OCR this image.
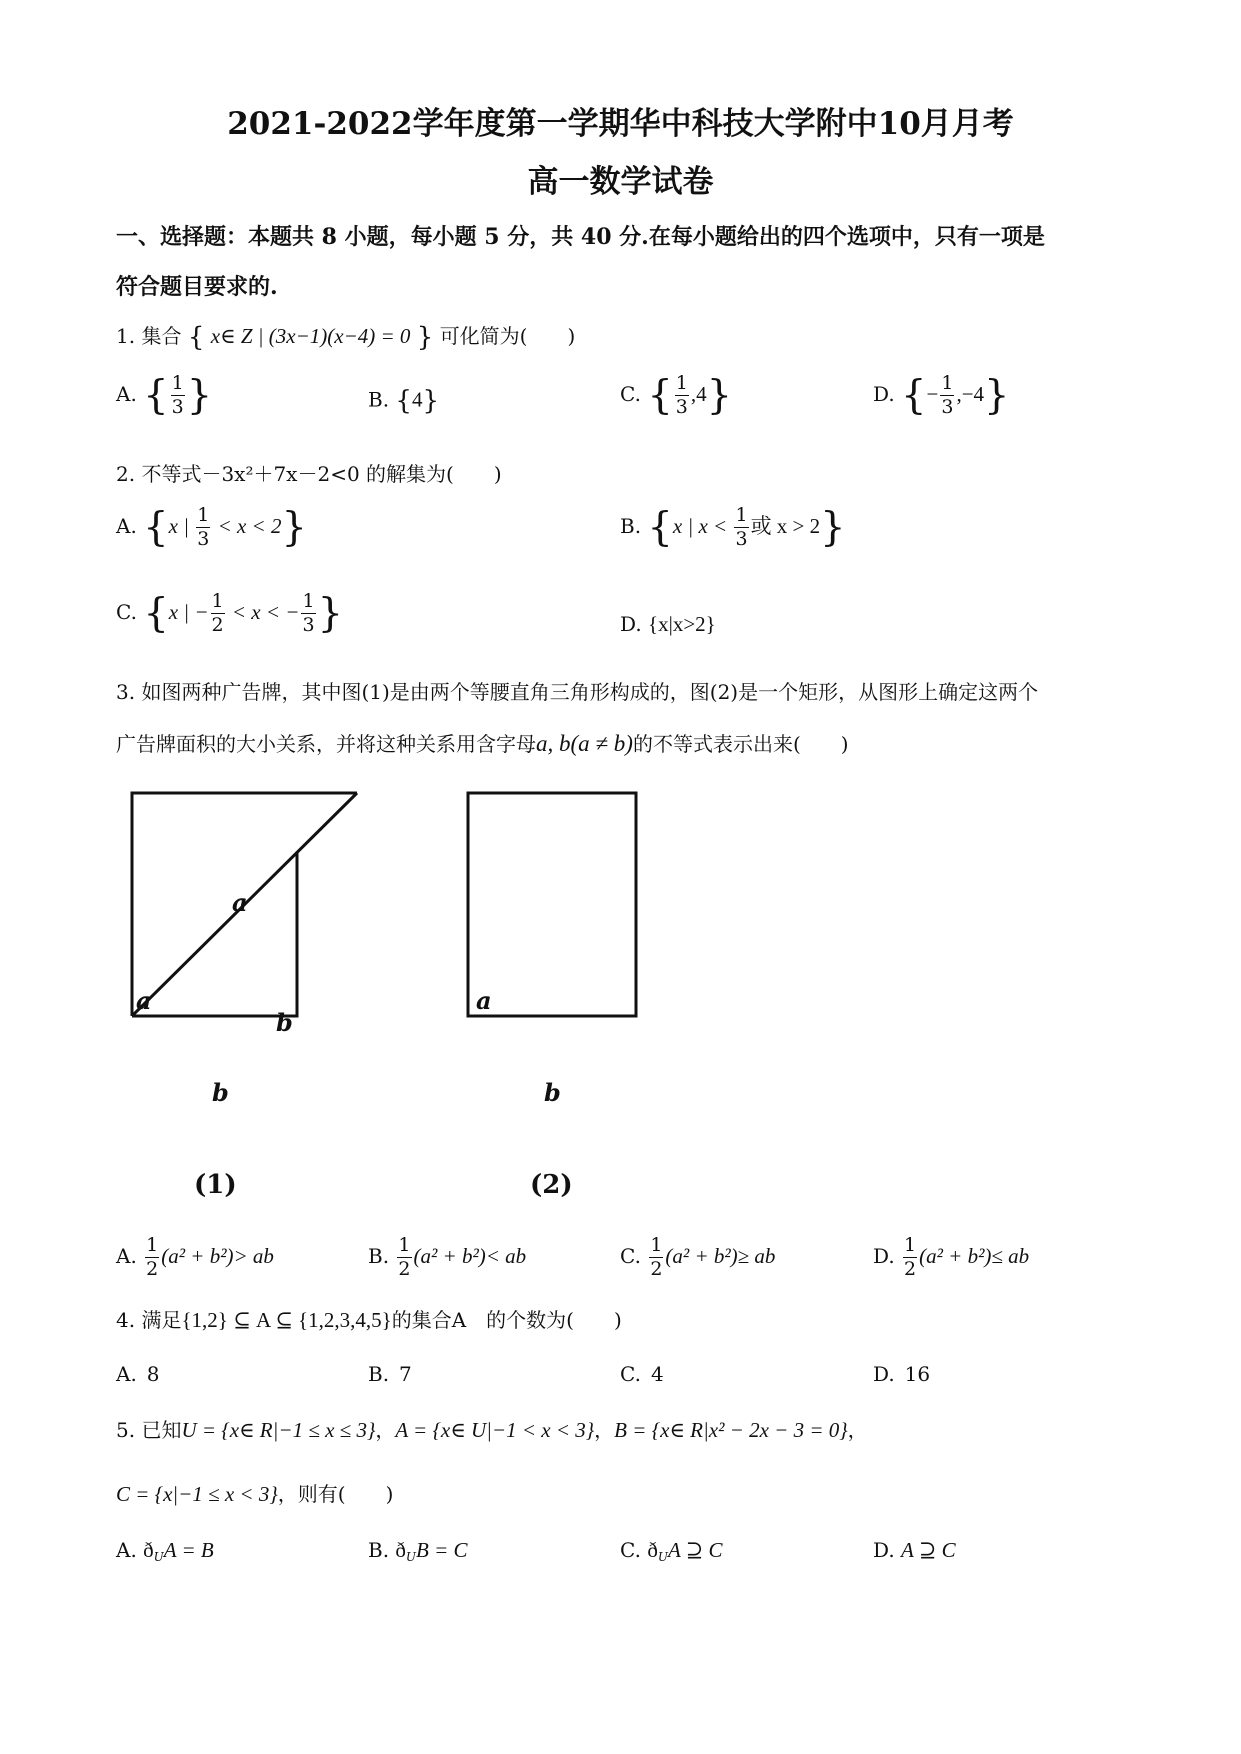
2021-2022学年度第一学期华中科技大学附中10月月考
高一数学试卷
一、选择题：本题共 8 小题，每小题 5 分，共 40 分.在每小题给出的四个选项中，只有一项是
符合题目要求的.
1. 集合 { x∈ Z | (3x−1)(x−4) = 0 } 可化简为(　　)
A. { $\frac{1}{3}$ }	B. {4}	C. { $\frac{1}{3} ,4$}	D. {− $\frac{1}{3} ,-4$}
2. 不等式－3x²＋7x－2<0 的解集为(　　)
A. {x | $\frac{1}{3} < x < 2$}	B. {x | $x < \frac{1}{3}$ 或 x > 2}
C. {x | − $\frac{1}{2} < x$ < − $\frac{1}{3}$ }	D. {x|x>2}
3. 如图两种广告牌，其中图(1)是由两个等腰直角三角形构成的，图(2)是一个矩形，从图形上确定这两个
广告牌面积的大小关系，并将这种关系用含字母a, b(a ≠ b)的不等式表示出来(　　)
a
a
b
b
a
b
(1)	(2)
A. $\frac{1}{2} (a^2 + b^2)>$ ab	B. $\frac{1}{2} (a^2 + b^2)<$ ab	C. $\frac{1}{2} (a^2 + b^2)\ge$ ab	D. $\frac{1}{2} (a^2 + b^2)\le$ ab
4. 满足{1,2} ⊆ A ⊆ {1,2,3,4,5}的集合A　的个数为(　　)
A. 8	B. 7	C. 4	D. 16
5. 已知U = {x∈ R|−1 ≤ x ≤ 3}，A = {x∈ U|−1 < x < 3}，B = {x∈ R|x² − 2x − 3 = 0}，
C = {x|−1 ≤ x < 3}，则有(　　)
A. $ð_UA = B$	B. $ð_UB = C$	C. $ð_UA$ ⊇ C	D. A ⊇ C
